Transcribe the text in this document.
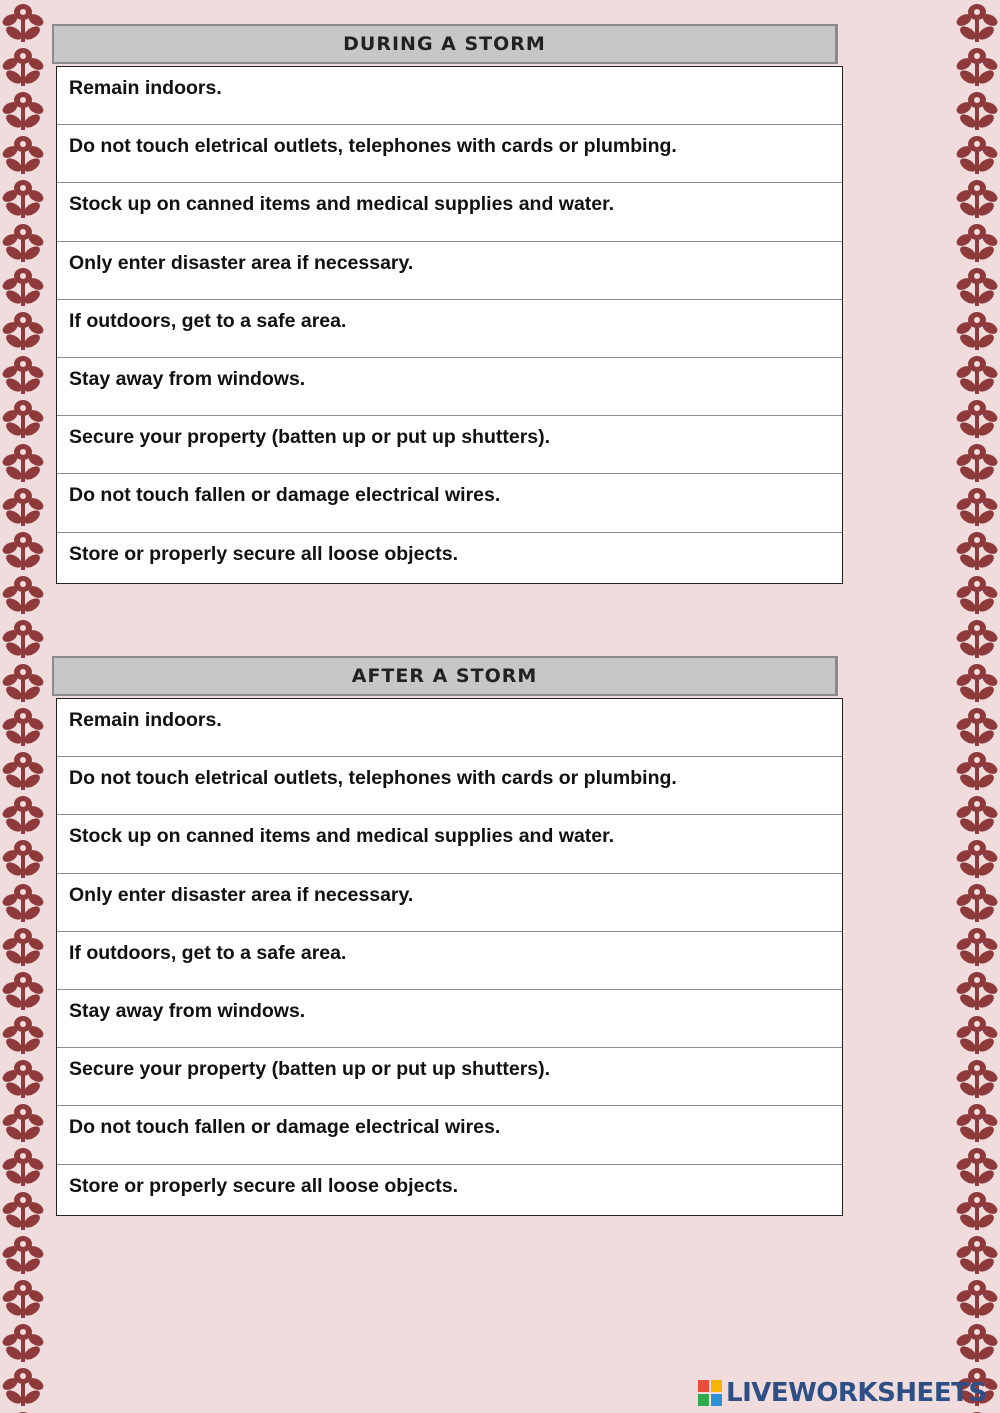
DURING A STORM
Remain indoors.
Do not touch eletrical outlets, telephones with cards or plumbing.
Stock up on canned items and medical supplies and water.
Only enter disaster area if necessary.
If outdoors, get to a safe area.
Stay away from windows.
Secure your property (batten up or put up shutters).
Do not touch fallen or damage electrical wires.
Store or properly secure all loose objects.
AFTER A STORM
Remain indoors.
Do not touch eletrical outlets, telephones with cards or plumbing.
Stock up on canned items and medical supplies and water.
Only enter disaster area if necessary.
If outdoors, get to a safe area.
Stay away from windows.
Secure your property (batten up or put up shutters).
Do not touch fallen or damage electrical wires.
Store or properly secure all loose objects.
LIVEWORKSHEETS
